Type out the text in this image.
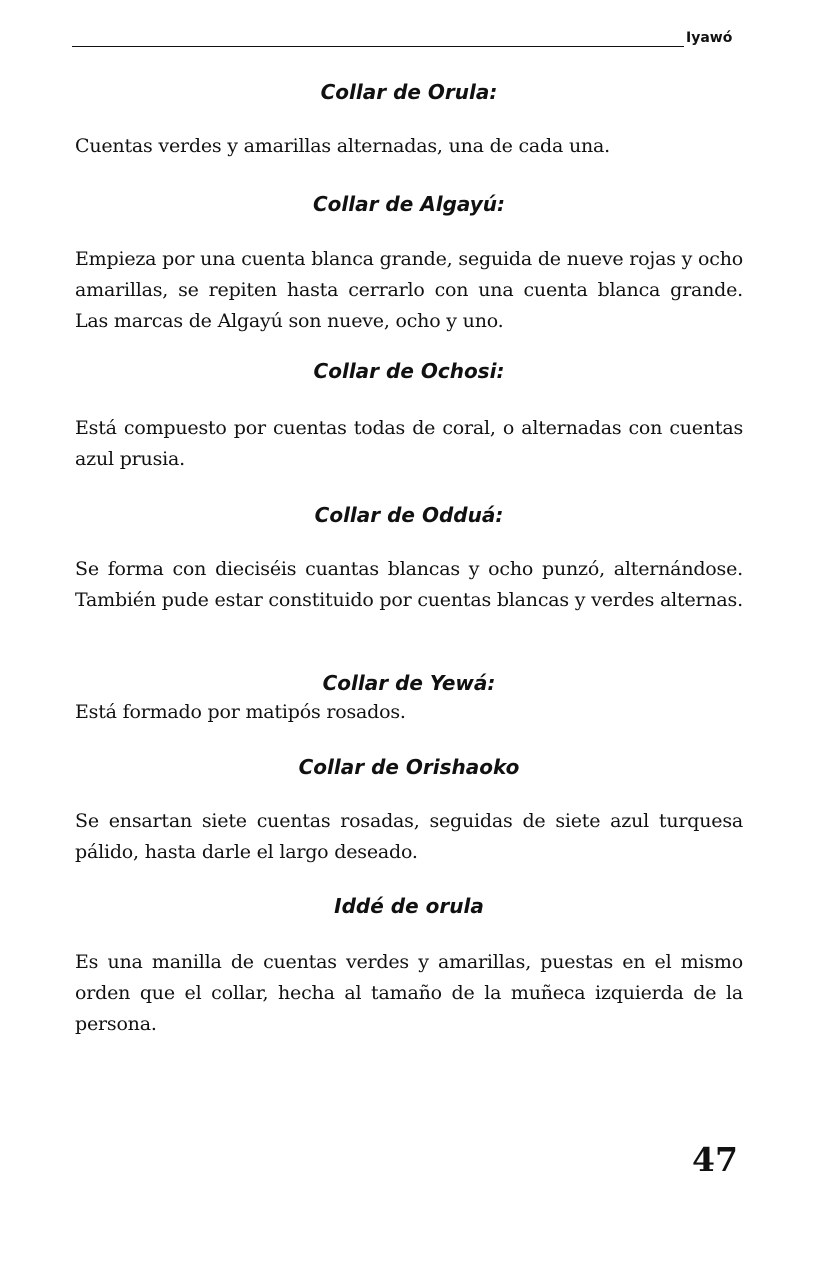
Iyawó
Collar de Orula:
Cuentas verdes y amarillas alternadas, una de cada una.
Collar de Algayú:
Empieza por una cuenta blanca grande, seguida de nueve rojas y ocho amarillas, se repiten hasta cerrarlo con una cuenta blanca grande. Las marcas de Algayú son nueve, ocho y uno.
Collar de Ochosi:
Está compuesto por cuentas todas de coral, o alternadas con cuentas azul prusia.
Collar de Odduá:
Se forma con dieciséis cuantas blancas y ocho punzó, alternándose. También pude estar constituido por cuentas blancas y verdes alternas.
Collar de Yewá:
Está formado por matipós rosados.
Collar de Orishaoko
Se ensartan siete cuentas rosadas, seguidas de siete azul turquesa pálido, hasta darle el largo deseado.
Iddé de orula
Es una manilla de cuentas verdes y amarillas, puestas en el mismo orden que el collar, hecha al tamaño de la muñeca izquierda de la persona.
47
